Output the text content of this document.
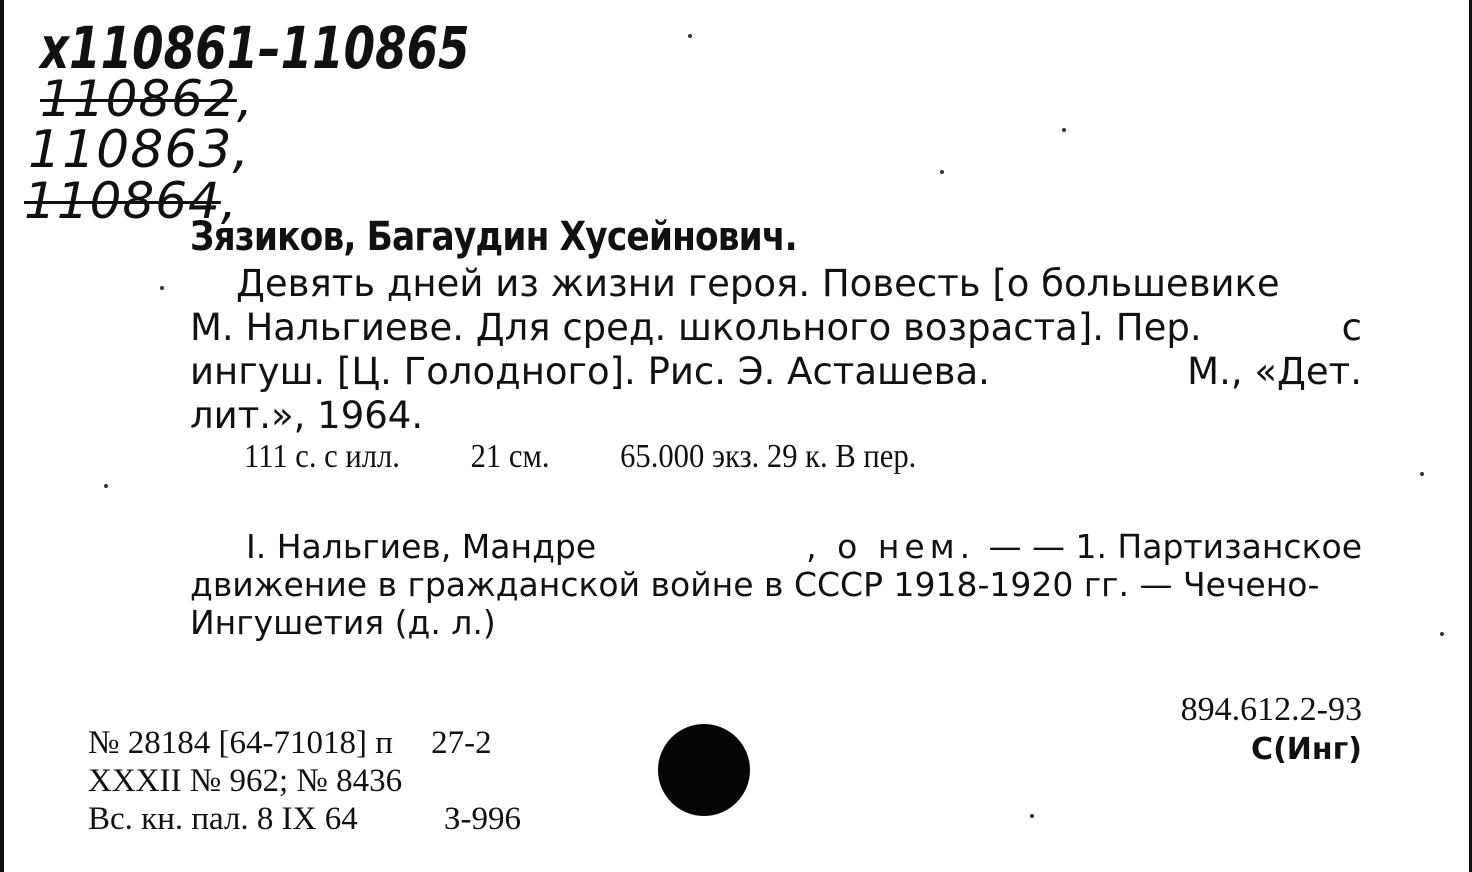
x110861–110865
110862,
110863,
110864,
Зязиков, Багаудин Хусейнович.
Девять дней из жизни героя. Повесть [о большевике
М. Нальгиеве. Для сред. школьного возраста]. Пер.	с
ингуш. [Ц. Голодного]. Рис. Э. Асташева.	М., «Дет.
лит.», 1964.
111 с. с илл. 21 см. 65.000 экз. 29 к. В пер.
I. Нальгиев, Мандре	, о нем. — — 1. Партизанское
движение в гражданской войне в СССР 1918-1920 гг. — Чечено-
Ингушетия (д. л.)
894.612.2-93
С(Инг)
№ 28184 [64-71018] п 27-2
XXXII № 962; № 8436
Вс. кн. пал. 8 IX 64	З-996
